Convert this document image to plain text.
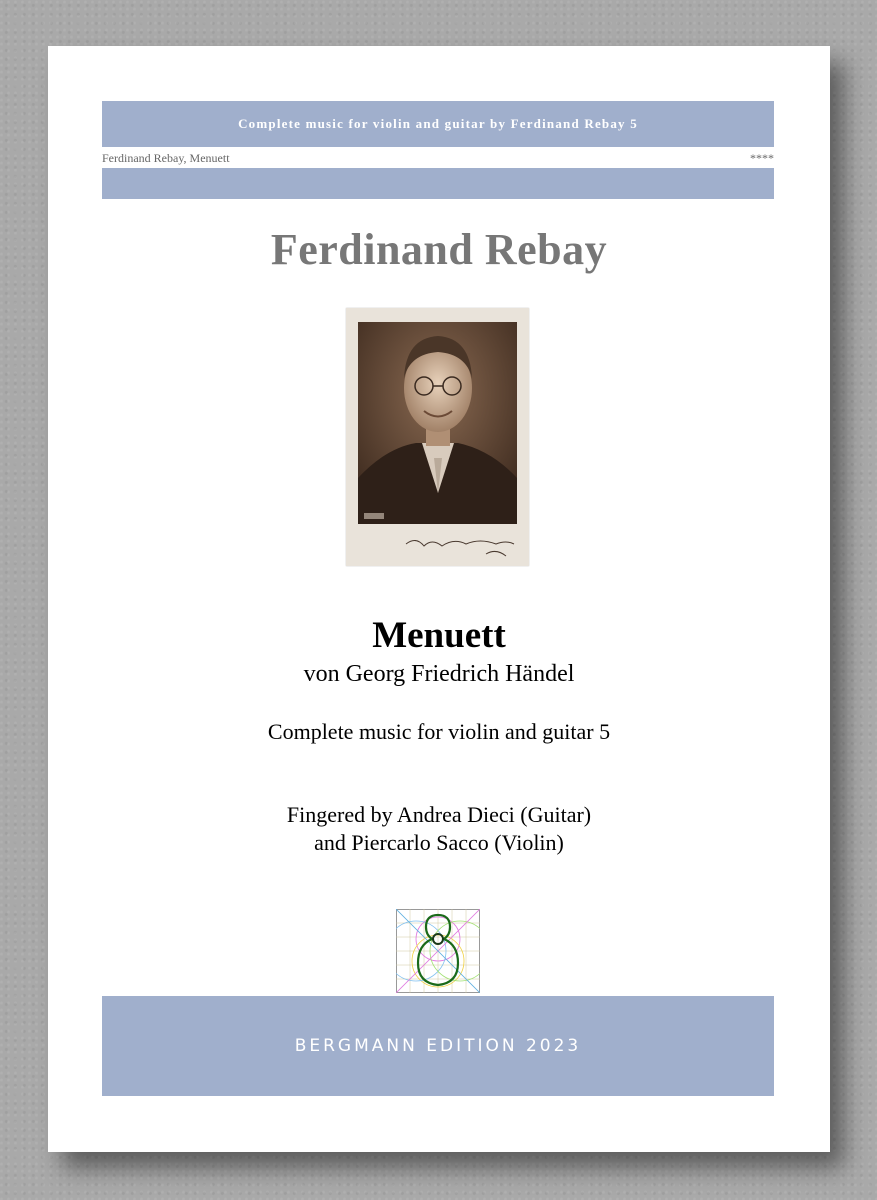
Complete music for violin and guitar by Ferdinand Rebay 5
Ferdinand Rebay, Menuett	****
Ferdinand Rebay
Menuett
von Georg Friedrich Händel
Complete music for violin and guitar 5
Fingered by Andrea Dieci (Guitar)
and Piercarlo Sacco (Violin)
BERGMANN EDITION 2023
